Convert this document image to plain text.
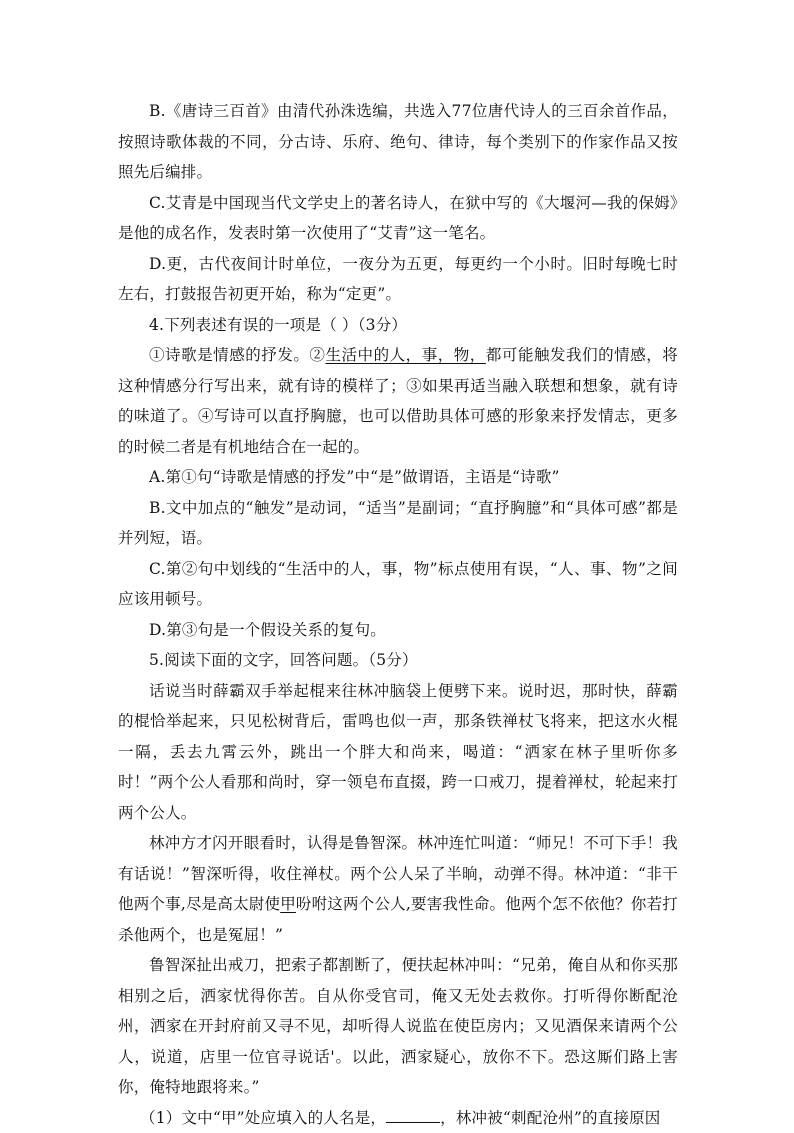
B.《唐诗三百首》由清代孙洙选编，共选入77位唐代诗人的三百余首作品，按照诗歌体裁的不同，分古诗、乐府、绝句、律诗，每个类别下的作家作品又按照先后编排。

C.艾青是中国现当代文学史上的著名诗人，在狱中写的《大堰河—我的保姆》是他的成名作，发表时第一次使用了“艾青”这一笔名。

D.更，古代夜间计时单位，一夜分为五更，每更约一个小时。旧时每晚七时左右，打鼓报告初更开始，称为“定更”。

4.下列表述有误的一项是（ ）（3分）

①诗歌是情感的抒发。②生活中的人，事，物，都可能触发我们的情感，将这种情感分行写出来，就有诗的模样了；③如果再适当融入联想和想象，就有诗的味道了。④写诗可以直抒胸臆，也可以借助具体可感的形象来抒发情志，更多的时候二者是有机地结合在一起的。

A.第①句“诗歌是情感的抒发”中“是”做谓语，主语是“诗歌”

B.文中加点的“触发”是动词，“适当”是副词；“直抒胸臆”和“具体可感”都是并列短，语。

C.第②句中划线的“生活中的人，事，物”标点使用有误，“人、事、物”之间应该用顿号。

D.第③句是一个假设关系的复句。

5.阅读下面的文字，回答问题。（5分）

话说当时薛霸双手举起棍来往林冲脑袋上便劈下来。说时迟，那时快，薛霸的棍恰举起来，只见松树背后，雷鸣也似一声，那条铁禅杖飞将来，把这水火棍一隔，丢去九霄云外，跳出一个胖大和尚来，喝道：“洒家在林子里听你多时！”两个公人看那和尚时，穿一领皂布直掇，跨一口戒刀，提着禅杖，轮起来打两个公人。

林冲方才闪开眼看时，认得是鲁智深。林冲连忙叫道：“师兄！不可下手！我有话说！”智深听得，收住禅杖。两个公人呆了半晌，动弹不得。林冲道：“非干他两个事,尽是高太尉使甲吩咐这两个公人,要害我性命。他两个怎不依他？你若打杀他两个，也是冤屈！”

鲁智深扯出戒刀，把索子都割断了，便扶起林冲叫：“兄弟，俺自从和你买那相别之后，洒家忧得你苦。自从你受官司，俺又无处去救你。打听得你断配沧州，洒家在开封府前又寻不见，却听得人说监在使臣房内；又见酒保来请两个公人，说道，店里一位官寻说话'。以此，洒家疑心，放你不下。恐这厮们路上害你，俺特地跟将来。”

（1）文中“甲”处应填入的人名是，	，林冲被“刺配沧州”的直接原因
